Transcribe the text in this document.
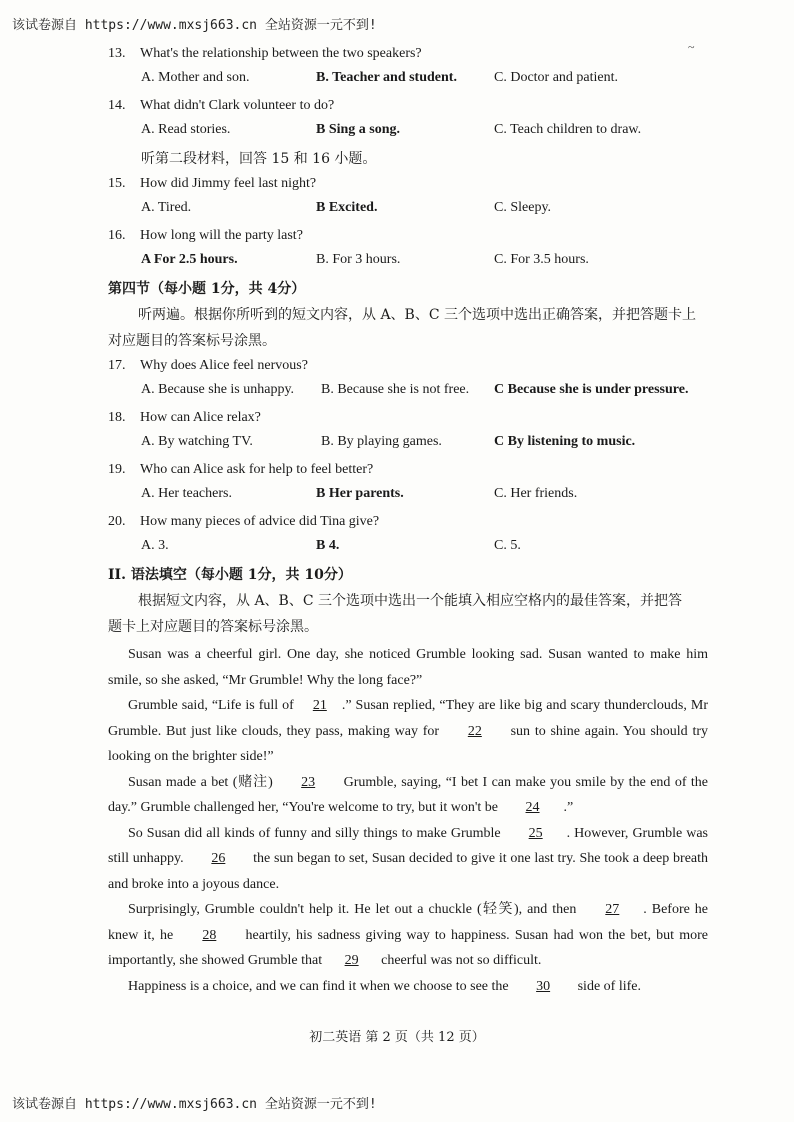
该试卷源自 https://www.mxsj663.cn 全站资源一元不到!
~
13. What's the relationship between the two speakers?
A. Mother and son.	B. Teacher and student.	C. Doctor and patient.
14. What didn't Clark volunteer to do?
A. Read stories.	B Sing a song.	C. Teach children to draw.
听第二段材料，回答 15 和 16 小题。
15. How did Jimmy feel last night?
A. Tired.	B Excited.	C. Sleepy.
16. How long will the party last?
A For 2.5 hours.	B. For 3 hours.	C. For 3.5 hours.
第四节（每小题 1分，共 4分）
听两遍。根据你所听到的短文内容，从 A、B、C 三个选项中选出正确答案，并把答题卡上
对应题目的答案标号涂黑。
17. Why does Alice feel nervous?
A. Because she is unhappy. B. Because she is not free. C Because she is under pressure.
18. How can Alice relax?
A. By watching TV.	B. By playing games.	C By listening to music.
19. Who can Alice ask for help to feel better?
A. Her teachers.	B Her parents.	C. Her friends.
20. How many pieces of advice did Tina give?
A. 3.	B 4.	C. 5.
II. 语法填空（每小题 1分，共 10分）
根据短文内容，从 A、B、C 三个选项中选出一个能填入相应空格内的最佳答案，并把答
题卡上对应题目的答案标号涂黑。

Susan was a cheerful girl. One day, she noticed Grumble looking sad. Susan wanted to make him smile, so she asked, “Mr Grumble! Why the long face?”

Grumble said, “Life is full of 21 .” Susan replied, “They are like big and scary thunderclouds, Mr Grumble. But just like clouds, they pass, making way for 22 sun to shine again. You should try looking on the brighter side!”

Susan made a bet (赌注) 23 Grumble, saying, “I bet I can make you smile by the end of the day.” Grumble challenged her, “You're welcome to try, but it won't be 24 .”

So Susan did all kinds of funny and silly things to make Grumble 25 . However, Grumble was still unhappy. 26 the sun began to set, Susan decided to give it one last try. She took a deep breath and broke into a joyous dance.

Surprisingly, Grumble couldn't help it. He let out a chuckle (轻笑), and then 27 . Before he knew it, he 28 heartily, his sadness giving way to happiness. Susan had won the bet, but more importantly, she showed Grumble that 29 cheerful was not so difficult.

Happiness is a choice, and we can find it when we choose to see the 30 side of life.

初二英语 第 2 页（共 12 页）
该试卷源自 https://www.mxsj663.cn 全站资源一元不到!
